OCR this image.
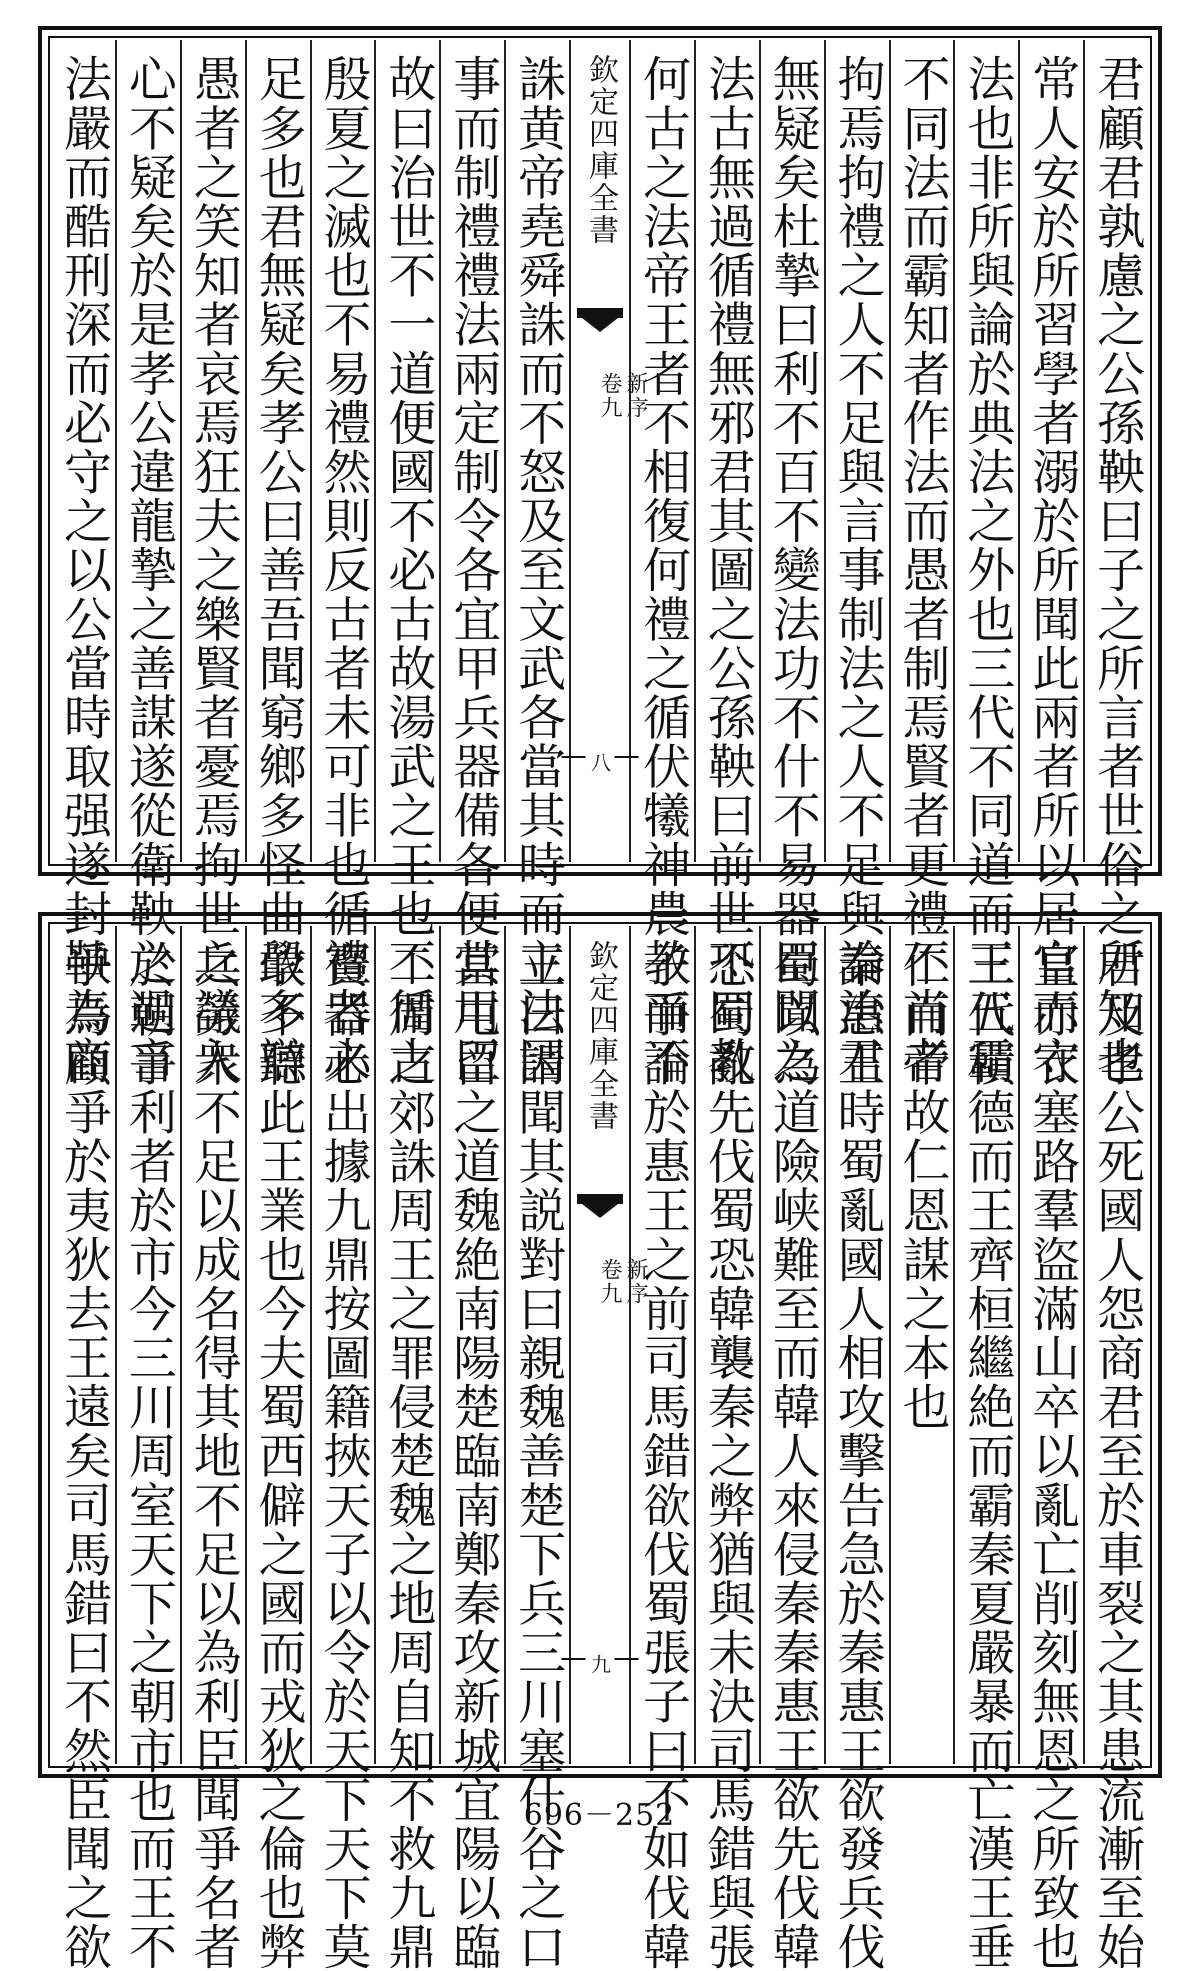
君顧君孰慮之公孫鞅曰子之所言者世俗之所知也
常人安於所習學者溺於所聞此兩者所以居官而守
法也非所與論於典法之外也三代不同道而王五霸
不同法而霸知者作法而愚者制焉賢者更禮不肖者
拘焉拘禮之人不足與言事制法之人不足與論治君
無疑矣杜摯曰利不百不變法功不什不易器臣聞之
法古無過循禮無邪君其圖之公孫鞅曰前世不同教
何古之法帝王者不相復何禮之循伏犧神農教而不
欽定四庫全書
新序
卷九
八
誅黄帝堯舜誅而不怒及至文武各當其時而立法因
事而制禮禮法兩定制令各宜甲兵器備各便其用臣
故曰治世不一道便國不必古故湯武之王也不循古
殷夏之滅也不易禮然則反古者未可非也循禮者未
足多也君無疑矣孝公曰善吾聞窮鄉多怪曲學多辯
愚者之笑知者哀焉狂夫之樂賢者憂焉拘世之議入
心不疑矣於是孝公違龍摯之善謀遂從衛鞅之過言
法嚴而酷刑深而必守之以公當時取强遂封鞅為商
君及孝公死國人怨商君至於車裂之其患流漸至始
皇赤衣塞路羣盜滿山卒以亂亡削刻無恩之所致也
三代積德而王齊桓繼絶而霸秦夏嚴暴而亡漢王垂
仁而帝故仁恩謀之本也
秦惠王時蜀亂國人相攻擊告急於秦惠王欲發兵伐
蜀以為道險峡難至而韓人來侵秦秦惠王欲先伐韓
恐蜀亂先伐蜀恐韓襲秦之弊猶與未決司馬錯與張
子爭論於惠王之前司馬錯欲伐蜀張子曰不如伐韓
欽定四庫全書
新序
卷九
九
王曰請聞其説對曰親魏善楚下兵三川塞什谷之口
當屯留之道魏絶南陽楚臨南鄭秦攻新城宜陽以臨
二周之郊誅周王之罪侵楚魏之地周自知不救九鼎
寳器必出據九鼎按圖籍挾天子以令於天下天下莫
敢不聽此王業也今夫蜀西僻之國而戎狄之倫也弊
兵勞衆不足以成名得其地不足以為利臣聞爭名者
於朝爭利者於市今三川周室天下之朝市也而王不
爭焉顧爭於夷狄去王遠矣司馬錯曰不然臣聞之欲	696－252
